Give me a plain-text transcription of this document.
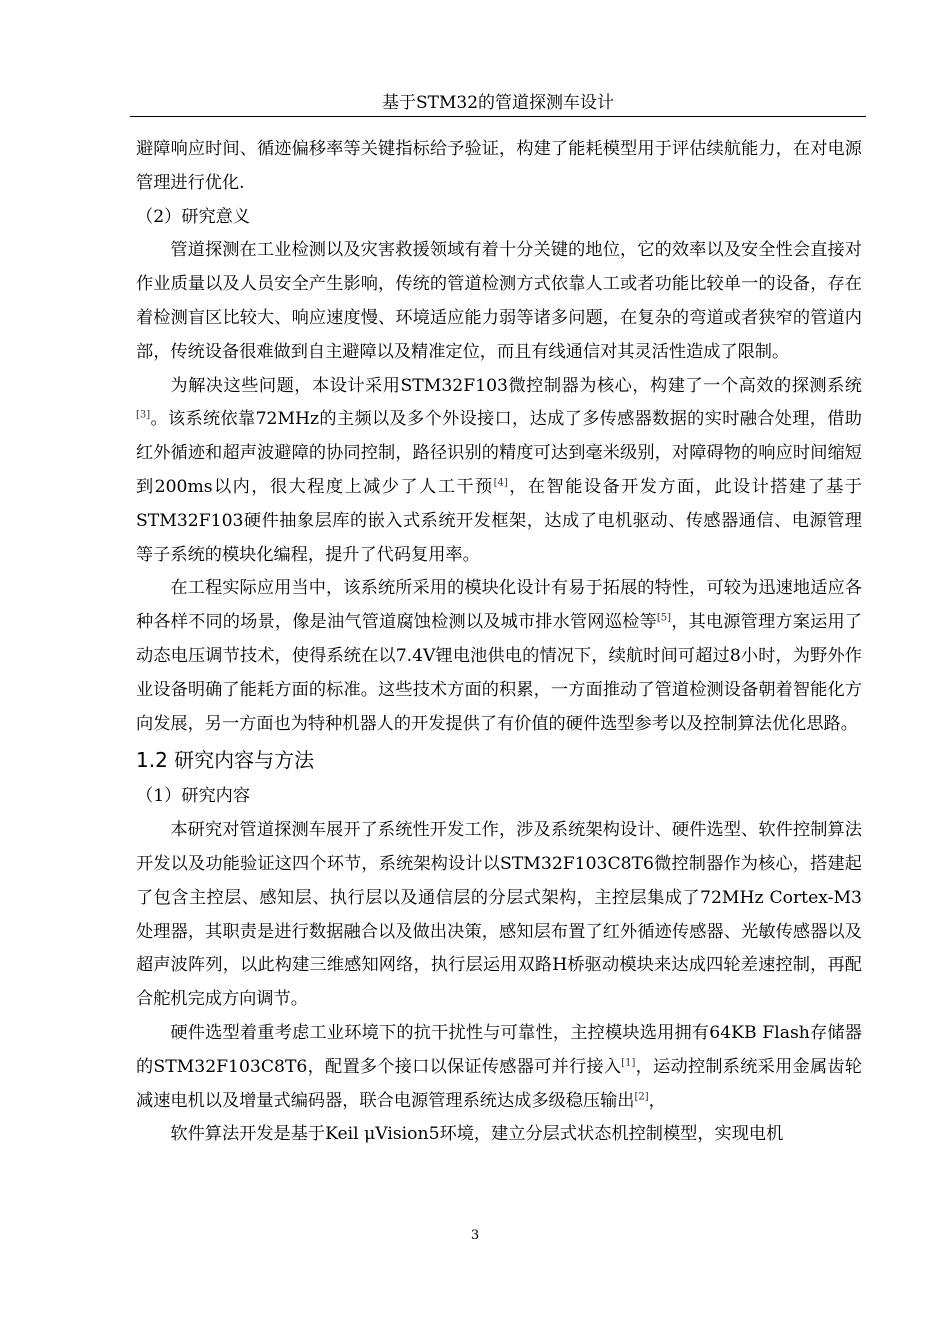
基于STM32的管道探测车设计

避障响应时间、循迹偏移率等关键指标给予验证，构建了能耗模型用于评估续航能力，在对电源管理进行优化.

（2）研究意义

管道探测在工业检测以及灾害救援领域有着十分关键的地位，它的效率以及安全性会直接对作业质量以及人员安全产生影响，传统的管道检测方式依靠人工或者功能比较单一的设备，存在着检测盲区比较大、响应速度慢、环境适应能力弱等诸多问题，在复杂的弯道或者狭窄的管道内部，传统设备很难做到自主避障以及精准定位，而且有线通信对其灵活性造成了限制。

为解决这些问题，本设计采用STM32F103微控制器为核心，构建了一个高效的探测系统[3]。该系统依靠72MHz的主频以及多个外设接口，达成了多传感器数据的实时融合处理，借助红外循迹和超声波避障的协同控制，路径识别的精度可达到毫米级别，对障碍物的响应时间缩短到200ms以内，很大程度上减少了人工干预[4]，在智能设备开发方面，此设计搭建了基于STM32F103硬件抽象层库的嵌入式系统开发框架，达成了电机驱动、传感器通信、电源管理等子系统的模块化编程，提升了代码复用率。

在工程实际应用当中，该系统所采用的模块化设计有易于拓展的特性，可较为迅速地适应各种各样不同的场景，像是油气管道腐蚀检测以及城市排水管网巡检等[5]，其电源管理方案运用了动态电压调节技术，使得系统在以7.4V锂电池供电的情况下，续航时间可超过8小时，为野外作业设备明确了能耗方面的标准。这些技术方面的积累，一方面推动了管道检测设备朝着智能化方向发展，另一方面也为特种机器人的开发提供了有价值的硬件选型参考以及控制算法优化思路。

1.2 研究内容与方法

（1）研究内容

本研究对管道探测车展开了系统性开发工作，涉及系统架构设计、硬件选型、软件控制算法开发以及功能验证这四个环节，系统架构设计以STM32F103C8T6微控制器作为核心，搭建起了包含主控层、感知层、执行层以及通信层的分层式架构，主控层集成了72MHz Cortex-M3处理器，其职责是进行数据融合以及做出决策，感知层布置了红外循迹传感器、光敏传感器以及超声波阵列，以此构建三维感知网络，执行层运用双路H桥驱动模块来达成四轮差速控制，再配合舵机完成方向调节。

硬件选型着重考虑工业环境下的抗干扰性与可靠性，主控模块选用拥有64KB Flash存储器的STM32F103C8T6，配置多个接口以保证传感器可并行接入[1]，运动控制系统采用金属齿轮减速电机以及增量式编码器，联合电源管理系统达成多级稳压输出[2]，

软件算法开发是基于Keil μVision5环境，建立分层式状态机控制模型，实现电机

3
